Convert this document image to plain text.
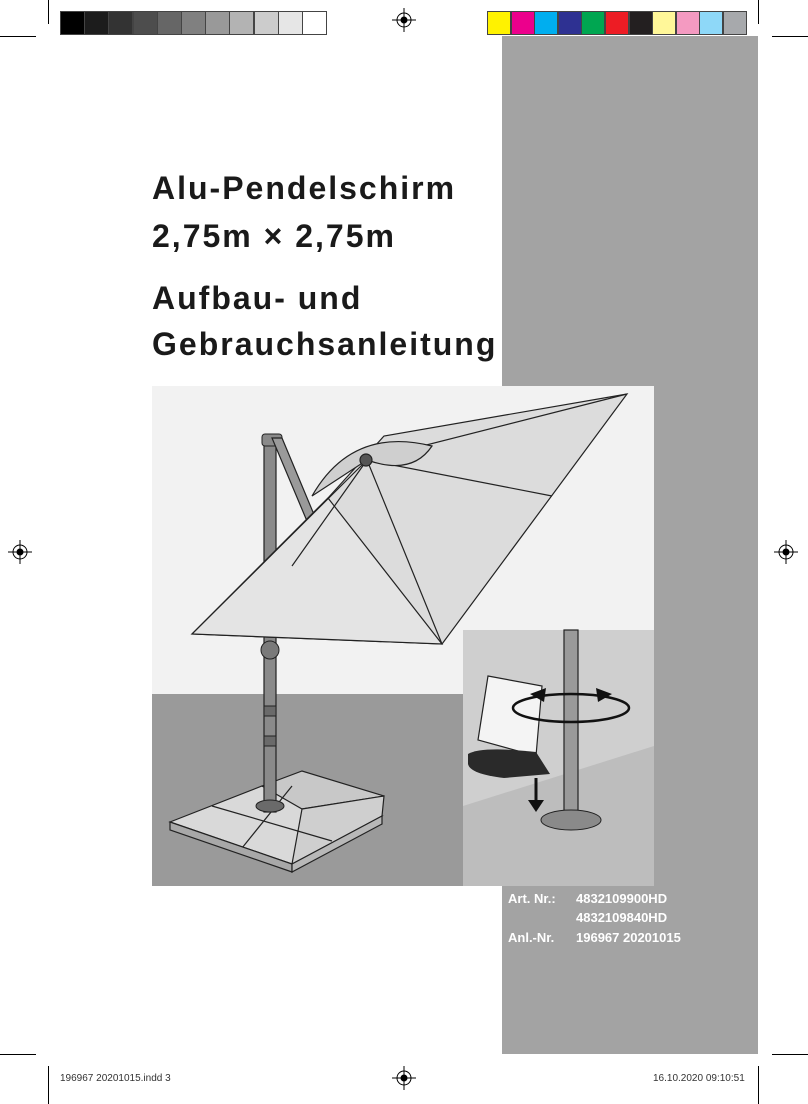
Alu-Pendelschirm
2,75m × 2,75m
Aufbau- und
Gebrauchsanleitung
Art. Nr.: 4832109900HD
4832109840HD
Anl.-Nr. 196967 20201015
196967 20201015.indd 3	16.10.2020 09:10:51
